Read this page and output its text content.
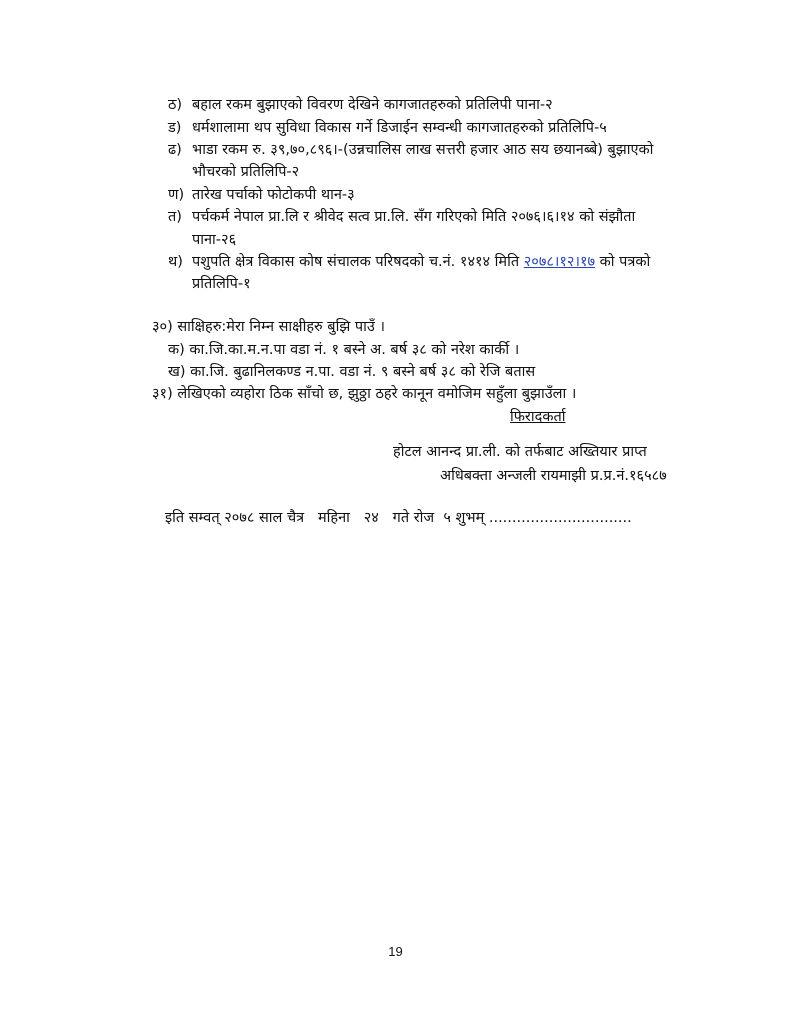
ठ) बहाल रकम बुझाएको विवरण देखिने कागजातहरुको प्रतिलिपी पाना-२
ड) धर्मशालामा थप सुविधा विकास गर्ने डिजाईन सम्वन्धी कागजातहरुको प्रतिलिपि-५
ढ) भाडा रकम रु. ३९,७०,८९६।-(उन्नचालिस लाख सत्तरी हजार आठ सय छयानब्बे) बुझाएको
भौचरको प्रतिलिपि-२
ण) तारेख पर्चाको फोटोकपी थान-३
त) पर्चकर्म नेपाल प्रा.लि र श्रीवेद सत्व प्रा.लि. सँग गरिएको मिति २०७६।६।१४ को संझौता
पाना-२६
थ) पशुपति क्षेत्र विकास कोष संचालक परिषदको च.नं. १४१४ मिति २०७८।१२।१७ को पत्रको
प्रतिलिपि-१
३०) साक्षिहरु:मेरा निम्न साक्षीहरु बुझि पाउँ ।
क) का.जि.का.म.न.पा वडा नं. १ बस्ने अ. बर्ष ३८ को नरेश कार्की ।
ख) का.जि. बुढानिलकण्ड न.पा. वडा नं. ९ बस्ने बर्ष ३८ को रेजि बतास
३१) लेखिएको व्यहोरा ठिक साँचो छ, झुठ्ठा ठहरे कानून वमोजिम सहुँला बुझाउँला ।
फिरादकर्ता
होटल आनन्द प्रा.ली. को तर्फबाट अख्तियार प्राप्त
अधिबक्ता अन्जली रायमाझी प्र.प्र.नं.१६५८७
इति सम्वत् २०७८ साल चैत्र   महिना   २४   गते रोज  ५ शुभम् ...............................
19
